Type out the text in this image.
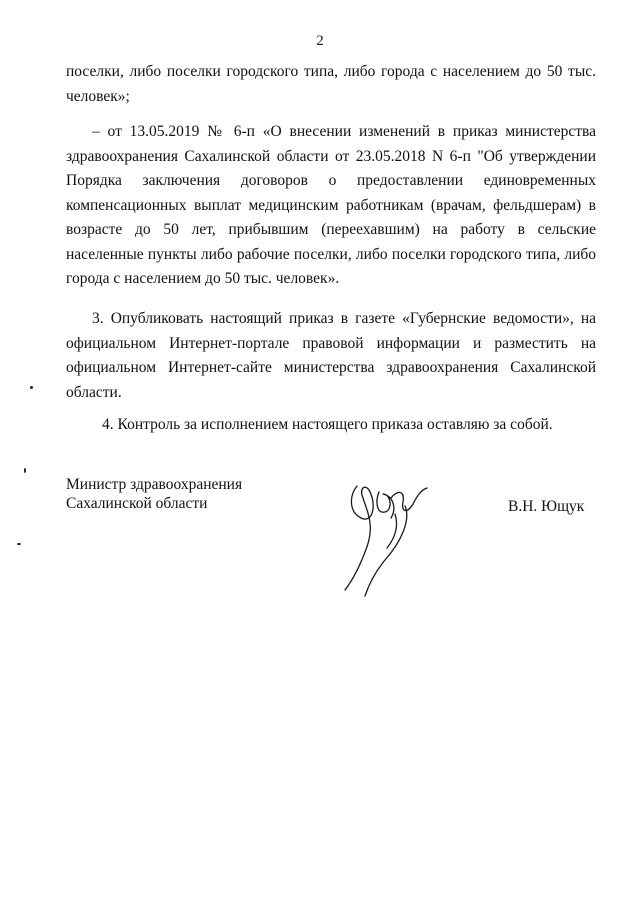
2

поселки, либо поселки городского типа, либо города с населением до 50 тыс. человек»;

– от 13.05.2019 № 6-п «О внесении изменений в приказ министерства здравоохранения Сахалинской области от 23.05.2018 N 6-п "Об утверждении Порядка заключения договоров о предоставлении единовременных компенсационных выплат медицинским работникам (врачам, фельдшерам) в возрасте до 50 лет, прибывшим (переехавшим) на работу в сельские населенные пункты либо рабочие поселки, либо поселки городского типа, либо города с населением до 50 тыс. человек».

3. Опубликовать настоящий приказ в газете «Губернские ведомости», на официальном Интернет-портале правовой информации и разместить на официальном Интернет-сайте министерства здравоохранения Сахалинской области.

4. Контроль за исполнением настоящего приказа оставляю за собой.

Министр здравоохранения
Сахалинской области	В.Н. Ющук
